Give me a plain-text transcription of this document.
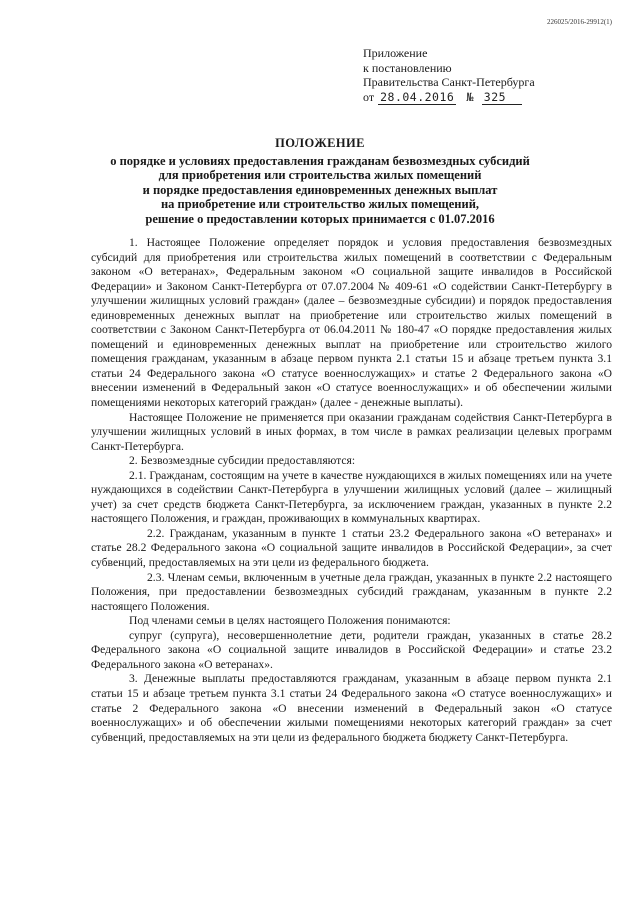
226025/2016-29912(1)
Приложение
к постановлению
Правительства Санкт-Петербурга
от 28.04.2016 № 325
ПОЛОЖЕНИЕ
о порядке и условиях предоставления гражданам безвозмездных субсидий
для приобретения или строительства жилых помещений
и порядке предоставления единовременных денежных выплат
на приобретение или строительство жилых помещений,
решение о предоставлении которых принимается с 01.07.2016

1. Настоящее Положение определяет порядок и условия предоставления безвозмездных субсидий для приобретения или строительства жилых помещений в соответствии с Федеральным законом «О ветеранах», Федеральным законом «О социальной защите инвалидов в Российской Федерации» и Законом Санкт-Петербурга от 07.07.2004 № 409-61 «О содействии Санкт-Петербургу в улучшении жилищных условий граждан» (далее – безвозмездные субсидии) и порядок предоставления единовременных денежных выплат на приобретение или строительство жилых помещений в соответствии с Законом Санкт-Петербурга от 06.04.2011 № 180-47 «О порядке предоставления жилых помещений и единовременных денежных выплат на приобретение или строительство жилого помещения гражданам, указанным в абзаце первом пункта 2.1 статьи 15 и абзаце третьем пункта 3.1 статьи 24 Федерального закона «О статусе военнослужащих» и статье 2 Федерального закона «О внесении изменений в Федеральный закон «О статусе военнослужащих» и об обеспечении жилыми помещениями некоторых категорий граждан» (далее - денежные выплаты).

Настоящее Положение не применяется при оказании гражданам содействия Санкт-Петербурга в улучшении жилищных условий в иных формах, в том числе в рамках реализации целевых программ Санкт-Петербурга.

2. Безвозмездные субсидии предоставляются:

2.1. Гражданам, состоящим на учете в качестве нуждающихся в жилых помещениях или на учете нуждающихся в содействии Санкт-Петербурга в улучшении жилищных условий (далее – жилищный учет) за счет средств бюджета Санкт-Петербурга, за исключением граждан, указанных в пункте 2.2 настоящего Положения, и граждан, проживающих в коммунальных квартирах.

2.2. Гражданам, указанным в пункте 1 статьи 23.2 Федерального закона «О ветеранах» и статье 28.2 Федерального закона «О социальной защите инвалидов в Российской Федерации», за счет субвенций, предоставляемых на эти цели из федерального бюджета.

2.3. Членам семьи, включенным в учетные дела граждан, указанных в пункте 2.2 настоящего Положения, при предоставлении безвозмездных субсидий гражданам, указанным в пункте 2.2 настоящего Положения.

Под членами семьи в целях настоящего Положения понимаются:

супруг (супруга), несовершеннолетние дети, родители граждан, указанных в статье 28.2 Федерального закона «О социальной защите инвалидов в Российской Федерации» и статье 23.2 Федерального закона «О ветеранах».

3. Денежные выплаты предоставляются гражданам, указанным в абзаце первом пункта 2.1 статьи 15 и абзаце третьем пункта 3.1 статьи 24 Федерального закона «О статусе военнослужащих» и статье 2 Федерального закона «О внесении изменений в Федеральный закон «О статусе военнослужащих» и об обеспечении жилыми помещениями некоторых категорий граждан» за счет субвенций, предоставляемых на эти цели из федерального бюджета бюджету Санкт-Петербурга.
